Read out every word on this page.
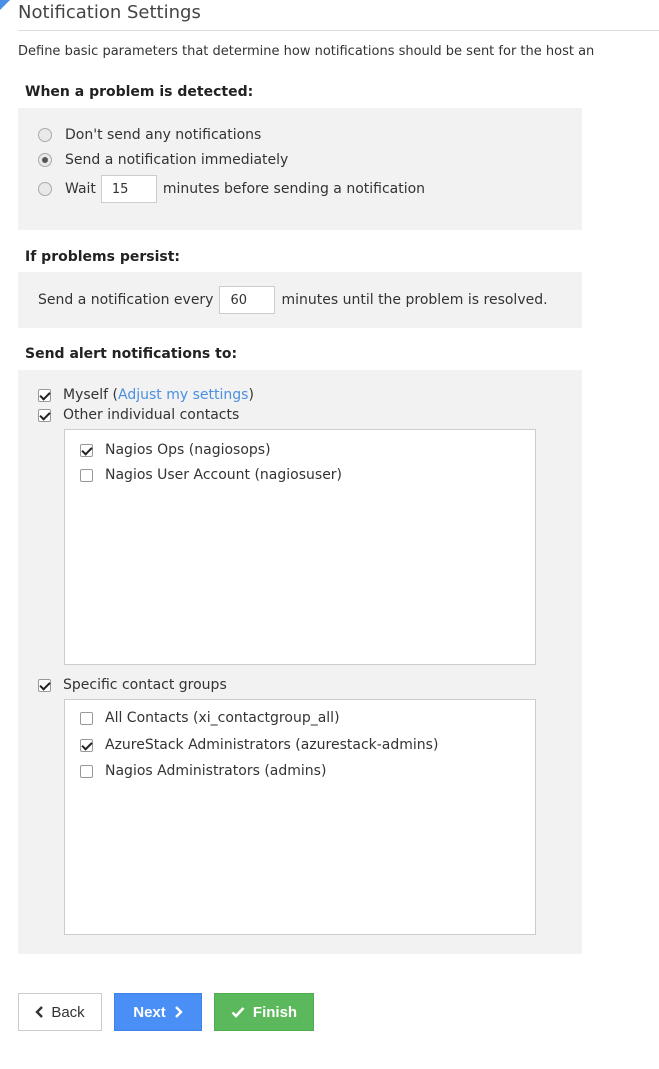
Notification Settings
Define basic parameters that determine how notifications should be sent for the host an
When a problem is detected:
Don't send any notifications
Send a notification immediately
Wait
15	minutes before sending a notification
If problems persist:
Send a notification every
60	minutes until the problem is resolved.
Send alert notifications to:
Myself ( Adjust my settings )
Other individual contacts
Nagios Ops (nagiosops)
Nagios User Account (nagiosuser)
Specific contact groups
All Contacts (xi_contactgroup_all)
AzureStack Administrators (azurestack-admins)
Nagios Administrators (admins)
Back	Next	Finish
